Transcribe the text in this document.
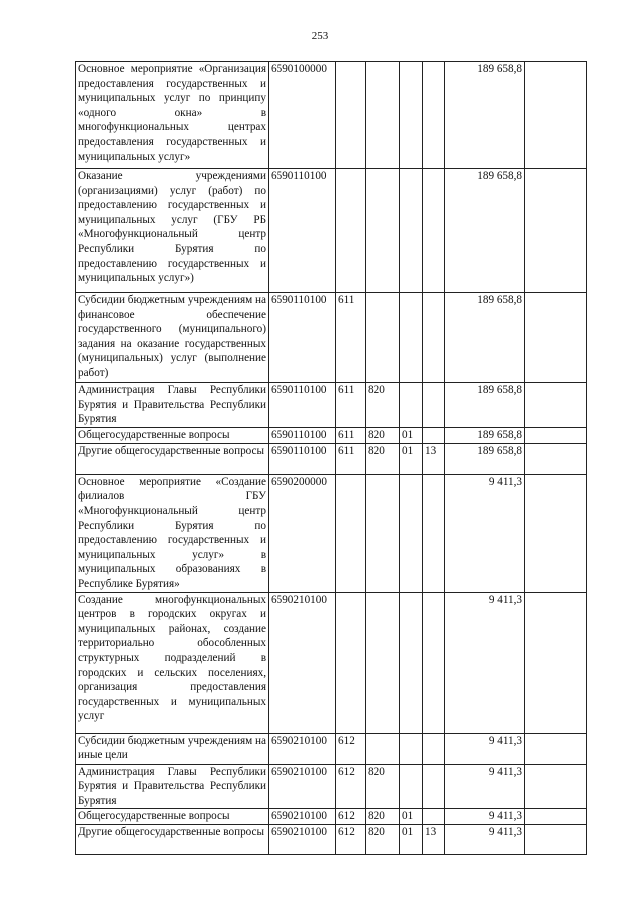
253
Основное мероприятие «Организация предоставления государственных и муниципальных услуг по принципу «одного окна» в многофункциональных центрах предоставления государственных и муниципальных услуг»	6590100000					189 658,8	
Оказание учреждениями (организациями) услуг (работ) по предоставлению государственных и муниципальных услуг (ГБУ РБ «Многофункциональный центр Республики Бурятия по предоставлению государственных и муниципальных услуг»)	6590110100					189 658,8	
Субсидии бюджетным учреждениям на финансовое обеспечение государственного (муниципального) задания на оказание государственных (муниципальных) услуг (выполнение работ)	6590110100	611				189 658,8	
Администрация Главы Республики Бурятия и Правительства Республики Бурятия	6590110100	611	820			189 658,8	
Общегосударственные вопросы	6590110100	611	820	01		189 658,8	
Другие общегосударственные вопросы	6590110100	611	820	01	13	189 658,8	
Основное мероприятие «Создание филиалов ГБУ «Многофункциональный центр Республики Бурятия по предоставлению государственных и муниципальных услуг» в муниципальных образованиях в Республике Бурятия»	6590200000					9 411,3	
Создание многофункциональных центров в городских округах и муниципальных районах, создание территориально обособленных структурных подразделений в городских и сельских поселениях, организация предоставления государственных и муниципальных услуг	6590210100					9 411,3	
Субсидии бюджетным учреждениям на иные цели	6590210100	612				9 411,3	
Администрация Главы Республики Бурятия и Правительства Республики Бурятия	6590210100	612	820			9 411,3	
Общегосударственные вопросы	6590210100	612	820	01		9 411,3	
Другие общегосударственные вопросы	6590210100	612	820	01	13	9 411,3	
